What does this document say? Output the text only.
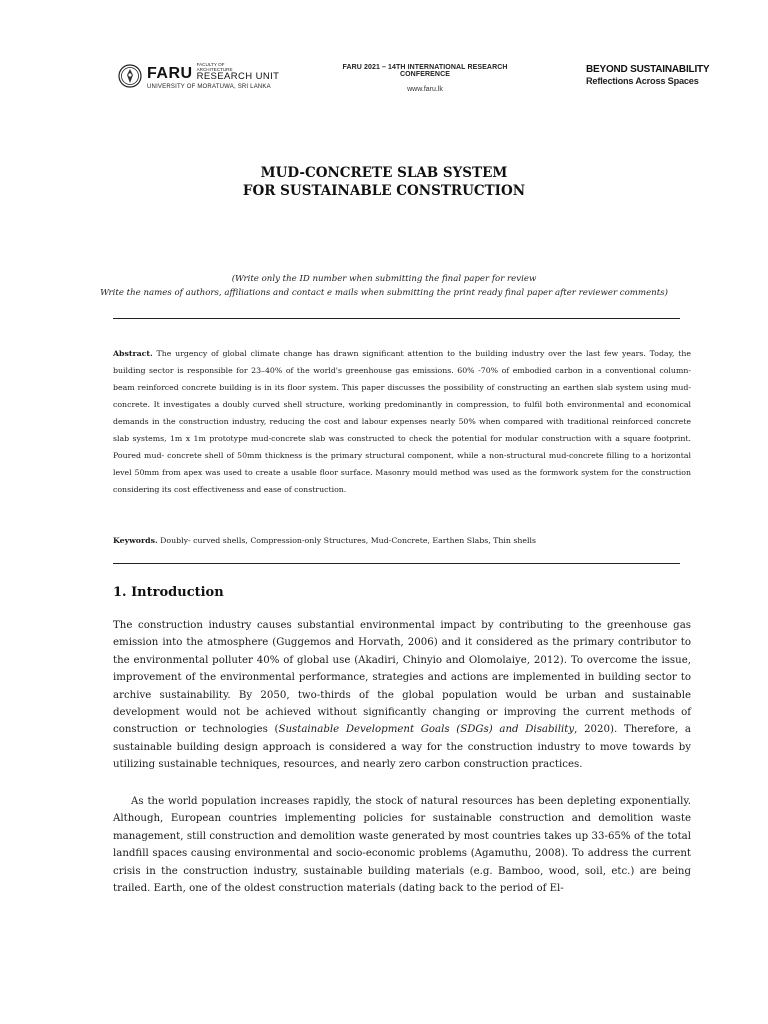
FARU FACULTY OF ARCHITECTURE
RESEARCH UNIT
UNIVERSITY OF MORATUWA, SRI LANKA
FARU 2021 – 14TH INTERNATIONAL RESEARCH CONFERENCE
www.faru.lk
BEYOND SUSTAINABILITY
Reflections Across Spaces
MUD-CONCRETE SLAB SYSTEM
FOR SUSTAINABLE CONSTRUCTION
(Write only the ID number when submitting the final paper for review
Write the names of authors, affiliations and contact e mails when submitting the print ready final paper after reviewer comments)
Abstract. The urgency of global climate change has drawn significant attention to the building industry over the last few years. Today, the building sector is responsible for 23–40% of the world's greenhouse gas emissions. 60% -70% of embodied carbon in a conventional column-beam reinforced concrete building is in its floor system. This paper discusses the possibility of constructing an earthen slab system using mud-concrete. It investigates a doubly curved shell structure, working predominantly in compression, to fulfil both environmental and economical demands in the construction industry, reducing the cost and labour expenses nearly 50% when compared with traditional reinforced concrete slab systems, 1m x 1m prototype mud-concrete slab was constructed to check the potential for modular construction with a square footprint. Poured mud- concrete shell of 50mm thickness is the primary structural component, while a non-structural mud-concrete filling to a horizontal level 50mm from apex was used to create a usable floor surface. Masonry mould method was used as the formwork system for the construction considering its cost effectiveness and ease of construction.
Keywords. Doubly- curved shells, Compression-only Structures, Mud-Concrete, Earthen Slabs, Thin shells
1. Introduction
The construction industry causes substantial environmental impact by contributing to the greenhouse gas emission into the atmosphere (Guggemos and Horvath, 2006) and it considered as the primary contributor to the environmental polluter 40% of global use (Akadiri, Chinyio and Olomolaiye, 2012). To overcome the issue, improvement of the environmental performance, strategies and actions are implemented in building sector to archive sustainability. By 2050, two-thirds of the global population would be urban and sustainable development would not be achieved without significantly changing or improving the current methods of construction or technologies (Sustainable Development Goals (SDGs) and Disability, 2020). Therefore, a sustainable building design approach is considered a way for the construction industry to move towards by utilizing sustainable techniques, resources, and nearly zero carbon construction practices.
As the world population increases rapidly, the stock of natural resources has been depleting exponentially. Although, European countries implementing policies for sustainable construction and demolition waste management, still construction and demolition waste generated by most countries takes up 33-65% of the total landfill spaces causing environmental and socio-economic problems (Agamuthu, 2008). To address the current crisis in the construction industry, sustainable building materials (e.g. Bamboo, wood, soil, etc.) are being trailed. Earth, one of the oldest construction materials (dating back to the period of El-
